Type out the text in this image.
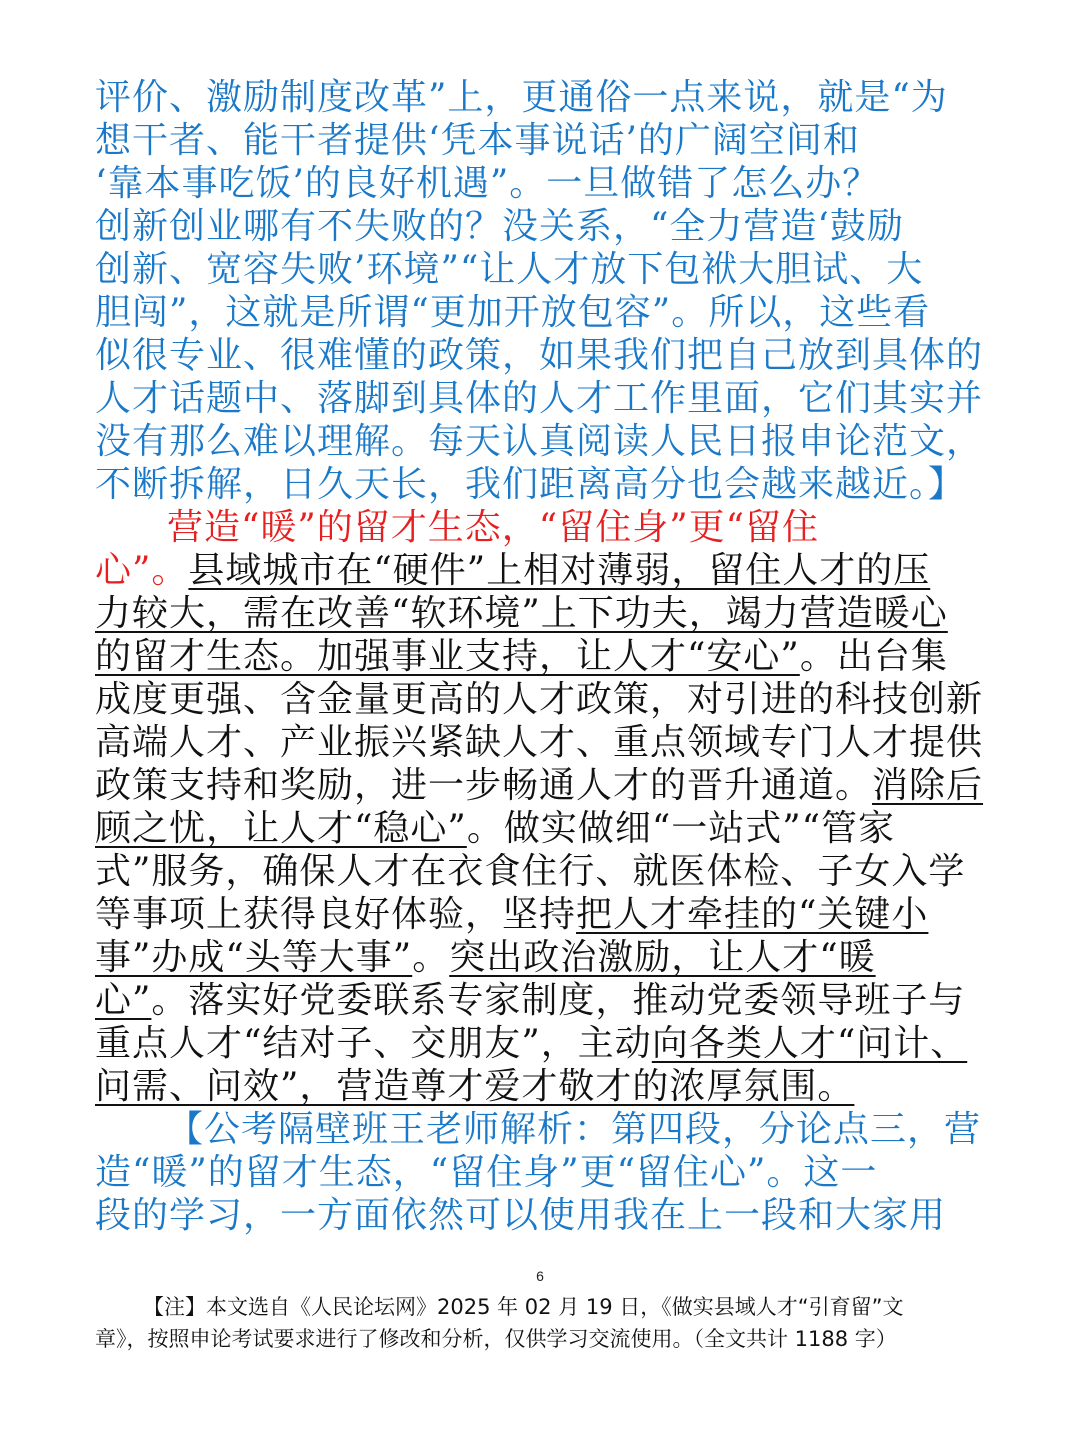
评价、激励制度改革”上，更通俗一点来说，就是“为
想干者、能干者提供‘凭本事说话’的广阔空间和
‘靠本事吃饭’的良好机遇”。一旦做错了怎么办？
创新创业哪有不失败的？没关系，“全力营造‘鼓励
创新、宽容失败’环境”“让人才放下包袱大胆试、大
胆闯”，这就是所谓“更加开放包容”。所以，这些看
似很专业、很难懂的政策，如果我们把自己放到具体的
人才话题中、落脚到具体的人才工作里面，它们其实并
没有那么难以理解。每天认真阅读人民日报申论范文，
不断拆解，日久天长，我们距离高分也会越来越近。】
营造“暖”的留才生态，“留住身”更“留住
心”。县域城市在“硬件”上相对薄弱，留住人才的压
力较大，需在改善“软环境”上下功夫，竭力营造暖心
的留才生态。加强事业支持，让人才“安心”。出台集
成度更强、含金量更高的人才政策，对引进的科技创新
高端人才、产业振兴紧缺人才、重点领域专门人才提供
政策支持和奖励，进一步畅通人才的晋升通道。消除后
顾之忧，让人才“稳心”。做实做细“一站式”“管家
式”服务，确保人才在衣食住行、就医体检、子女入学
等事项上获得良好体验，坚持把人才牵挂的“关键小
事”办成“头等大事”。突出政治激励，让人才“暖
心”。落实好党委联系专家制度，推动党委领导班子与
重点人才“结对子、交朋友”，主动向各类人才“问计、
问需、问效”，营造尊才爱才敬才的浓厚氛围。
【公考隔壁班王老师解析：第四段，分论点三，营
造“暖”的留才生态，“留住身”更“留住心”。这一
段的学习，一方面依然可以使用我在上一段和大家用
6
【注】本文选自《人民论坛网》2025 年 02 月 19 日，《做实县域人才“引育留”文
章》，按照申论考试要求进行了修改和分析，仅供学习交流使用。（全文共计 1188 字）
